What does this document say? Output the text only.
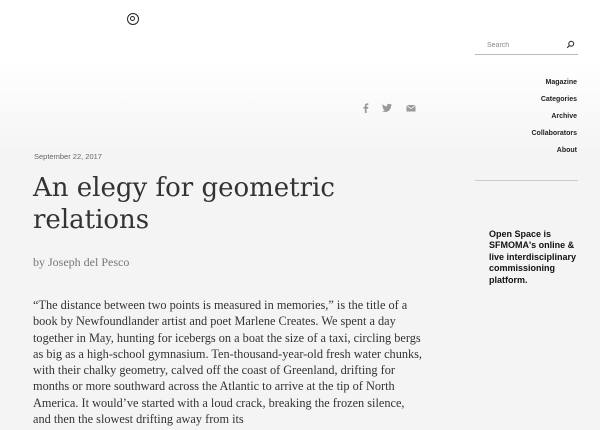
Search
Magazine
Categories
Archive
Collaborators
About
Open Space is SFMOMA's online & live interdisciplinary commissioning platform.
September 22, 2017
An elegy for geometric relations
by Joseph del Pesco

“The distance between two points is measured in memories,” is the title of a book by Newfoundlander artist and poet Marlene Creates. We spent a day together in May, hunting for icebergs on a boat the size of a taxi, circling bergs as big as a high-school gymnasium. Ten-thousand-year-old fresh water chunks, with their chalky geometry, calved off the coast of Greenland, drifting for months or more southward across the Atlantic to arrive at the tip of North America. It would’ve started with a loud crack, breaking the frozen silence, and then the slowest drifting away from its
